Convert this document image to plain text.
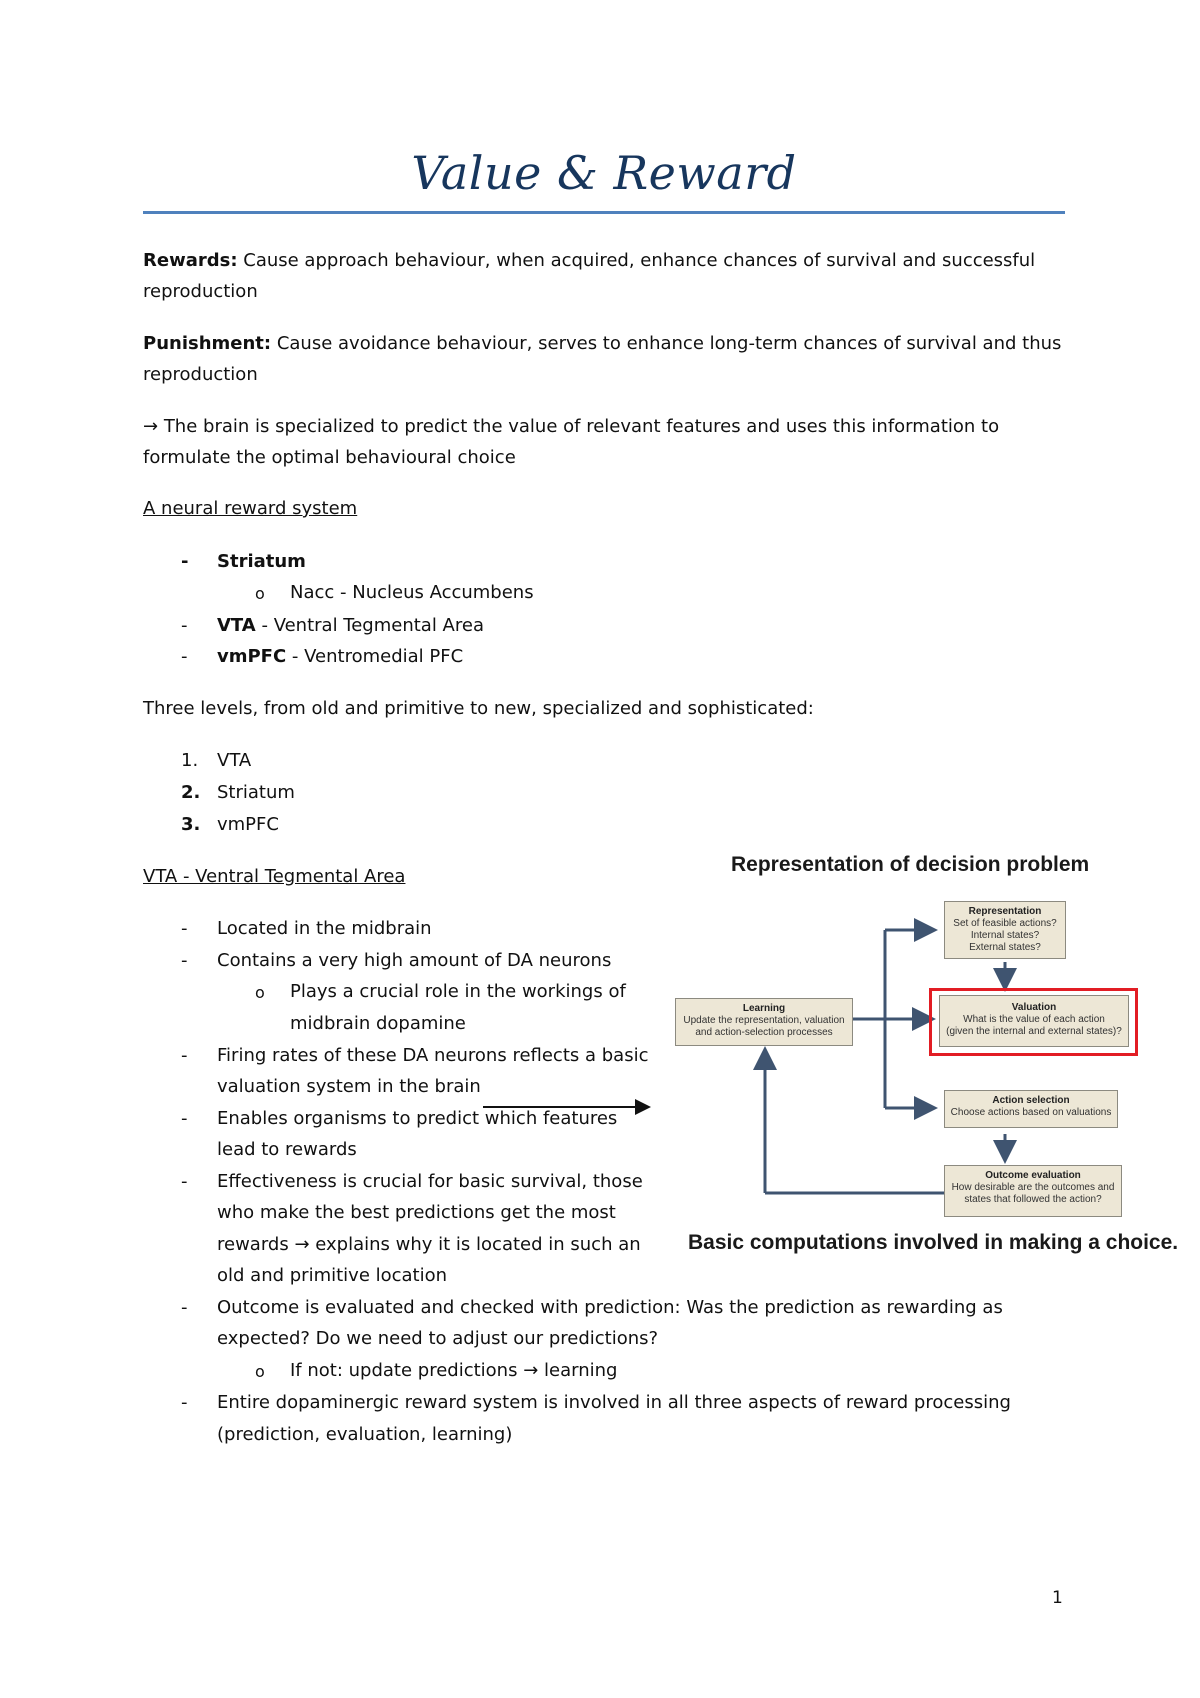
Value & Reward
Rewards: Cause approach behaviour, when acquired, enhance chances of survival and successful
reproduction
Punishment: Cause avoidance behaviour, serves to enhance long-term chances of survival and thus
reproduction
→ The brain is specialized to predict the value of relevant features and uses this information to
formulate the optimal behavioural choice
A neural reward system
- Striatum
o Nacc - Nucleus Accumbens
- VTA - Ventral Tegmental Area
- vmPFC - Ventromedial PFC
Three levels, from old and primitive to new, specialized and sophisticated:
1. VTA
2. Striatum
3. vmPFC
VTA - Ventral Tegmental Area
- Located in the midbrain
- Contains a very high amount of DA neurons
o Plays a crucial role in the workings of
midbrain dopamine
- Firing rates of these DA neurons reflects a basic
valuation system in the brain
- Enables organisms to predict which features
lead to rewards
- Effectiveness is crucial for basic survival, those
who make the best predictions get the most
rewards → explains why it is located in such an
old and primitive location
- Outcome is evaluated and checked with prediction: Was the prediction as rewarding as
expected? Do we need to adjust our predictions?
o If not: update predictions → learning
- Entire dopaminergic reward system is involved in all three aspects of reward processing
(prediction, evaluation, learning)
Representation of decision problem
Representation
Set of feasible actions?
Internal states?
External states?
Valuation
What is the value of each action
(given the internal and external states)?
Action selection
Choose actions based on valuations
Outcome evaluation
How desirable are the outcomes and
states that followed the action?
Learning
Update the representation, valuation
and action-selection processes
Basic computations involved in making a choice.
1
